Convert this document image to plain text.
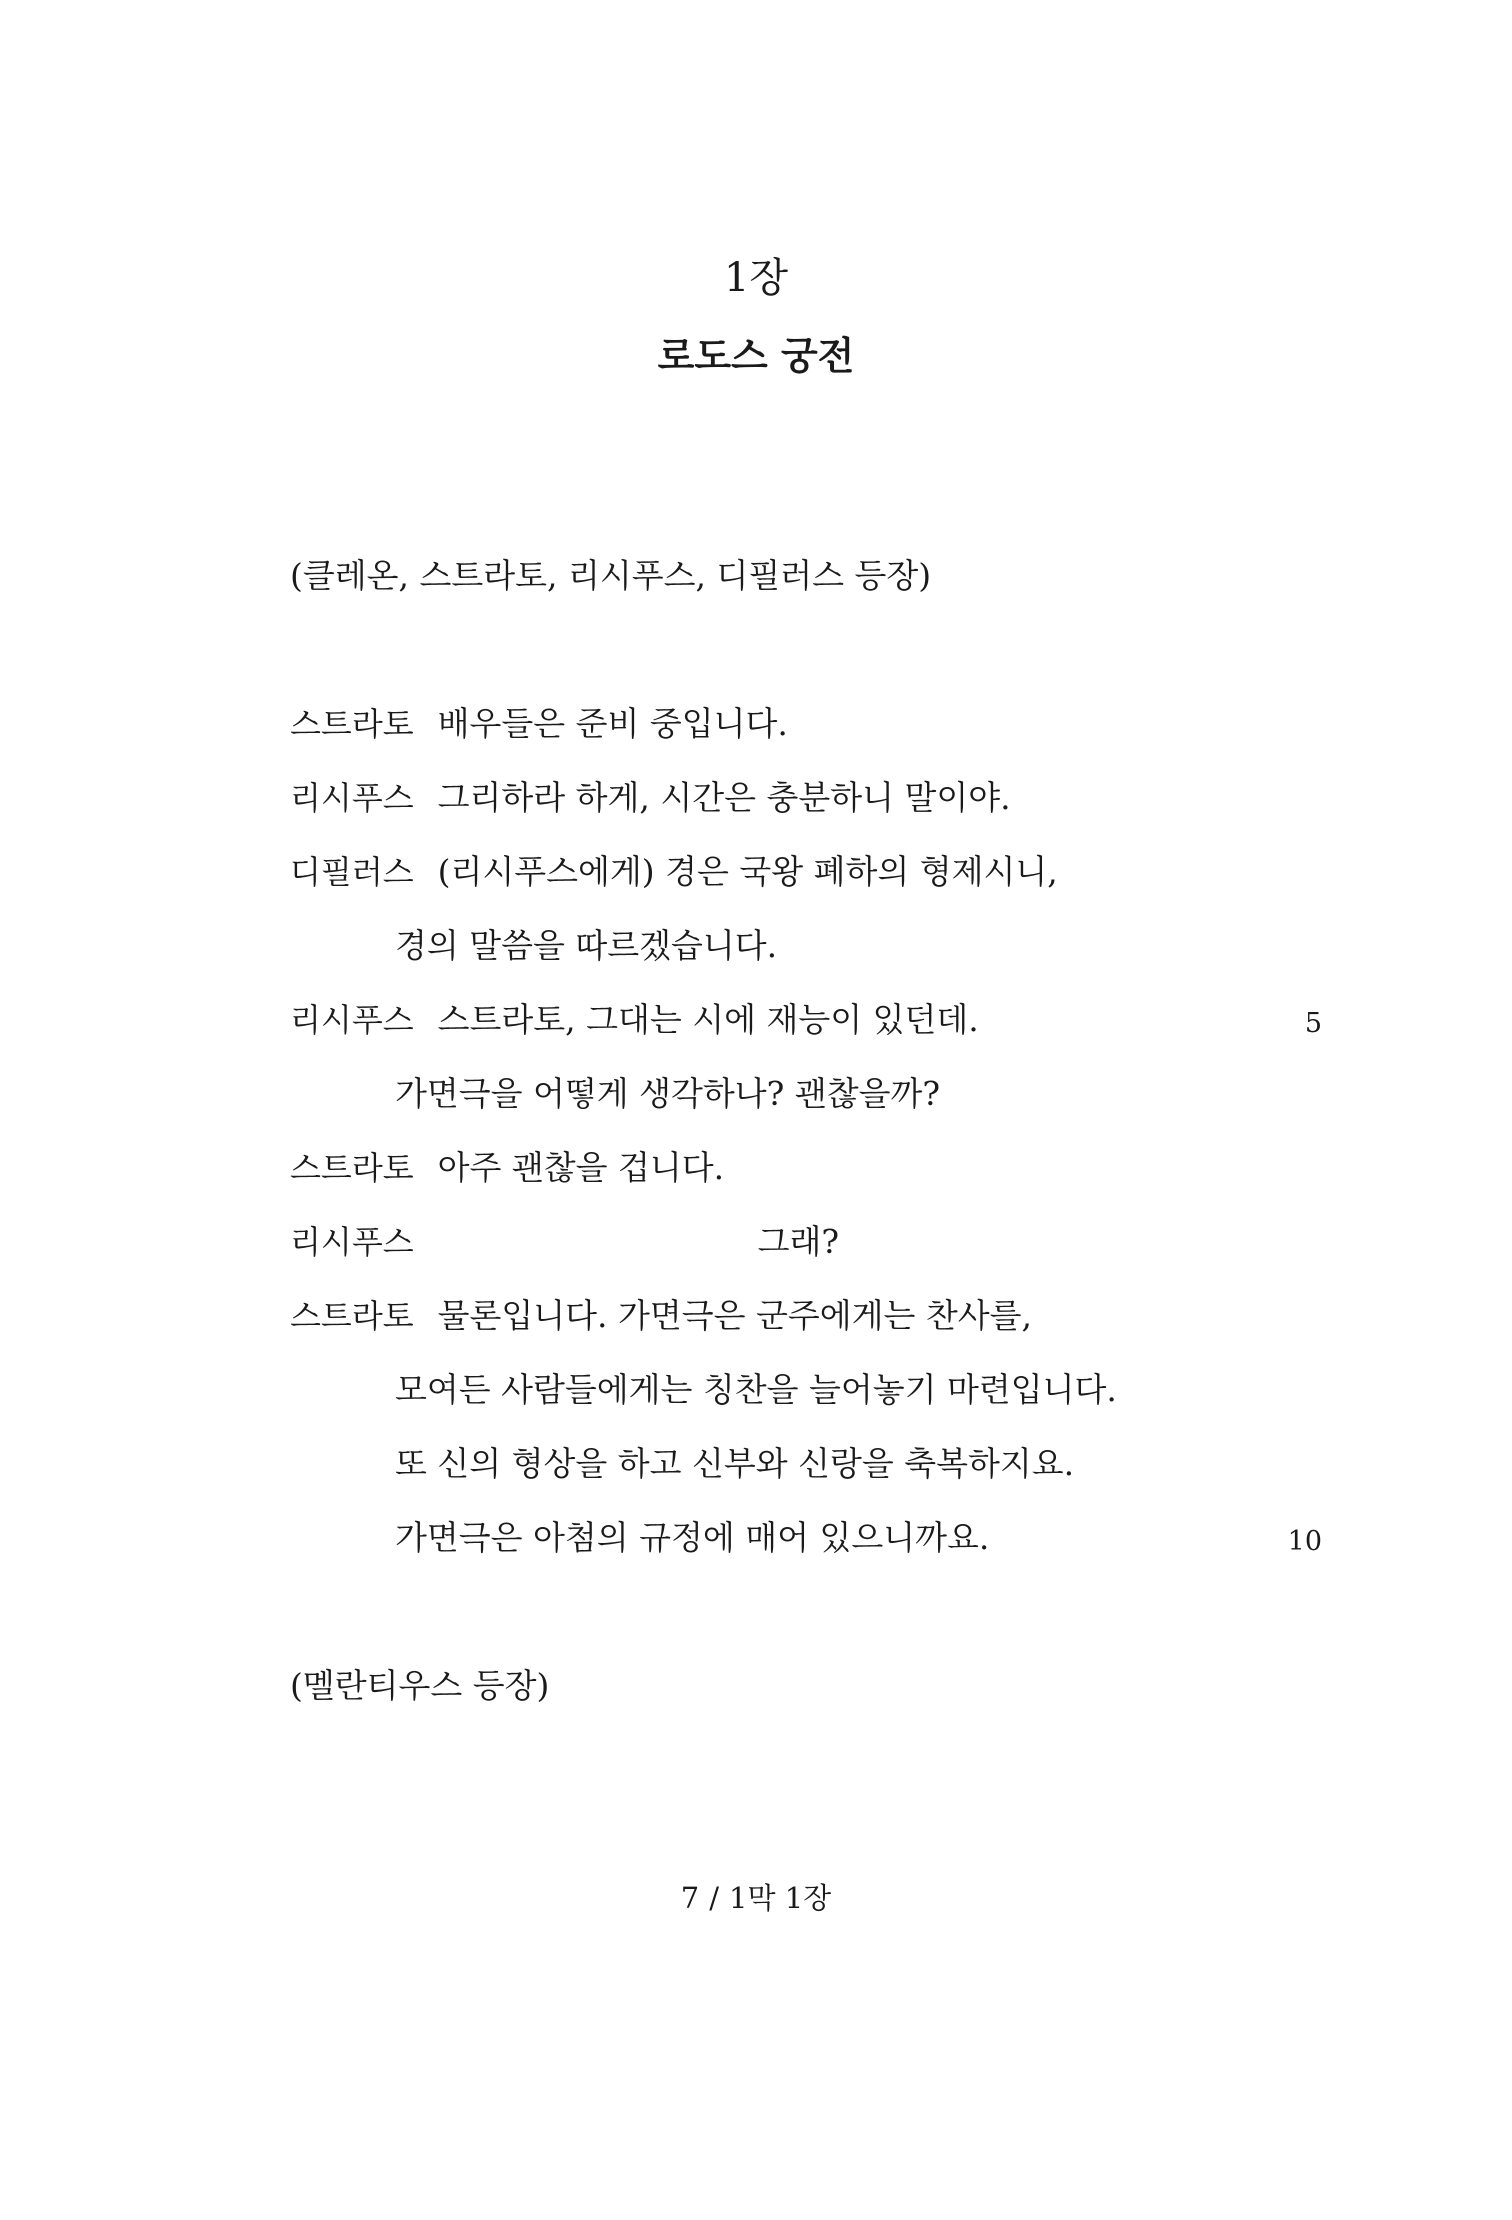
1장
로도스 궁전
(클레온, 스트라토, 리시푸스, 디필러스 등장)
스트라토 배우들은 준비 중입니다.
리시푸스 그리하라 하게, 시간은 충분하니 말이야.
디필러스 (리시푸스에게) 경은 국왕 폐하의 형제시니,
경의 말씀을 따르겠습니다.
리시푸스 스트라토, 그대는 시에 재능이 있던데.	5
가면극을 어떻게 생각하나? 괜찮을까?
스트라토 아주 괜찮을 겁니다.
리시푸스	그래?
스트라토 물론입니다. 가면극은 군주에게는 찬사를,
모여든 사람들에게는 칭찬을 늘어놓기 마련입니다.
또 신의 형상을 하고 신부와 신랑을 축복하지요.
가면극은 아첨의 규정에 매어 있으니까요.	10
(멜란티우스 등장)
7 / 1막 1장
